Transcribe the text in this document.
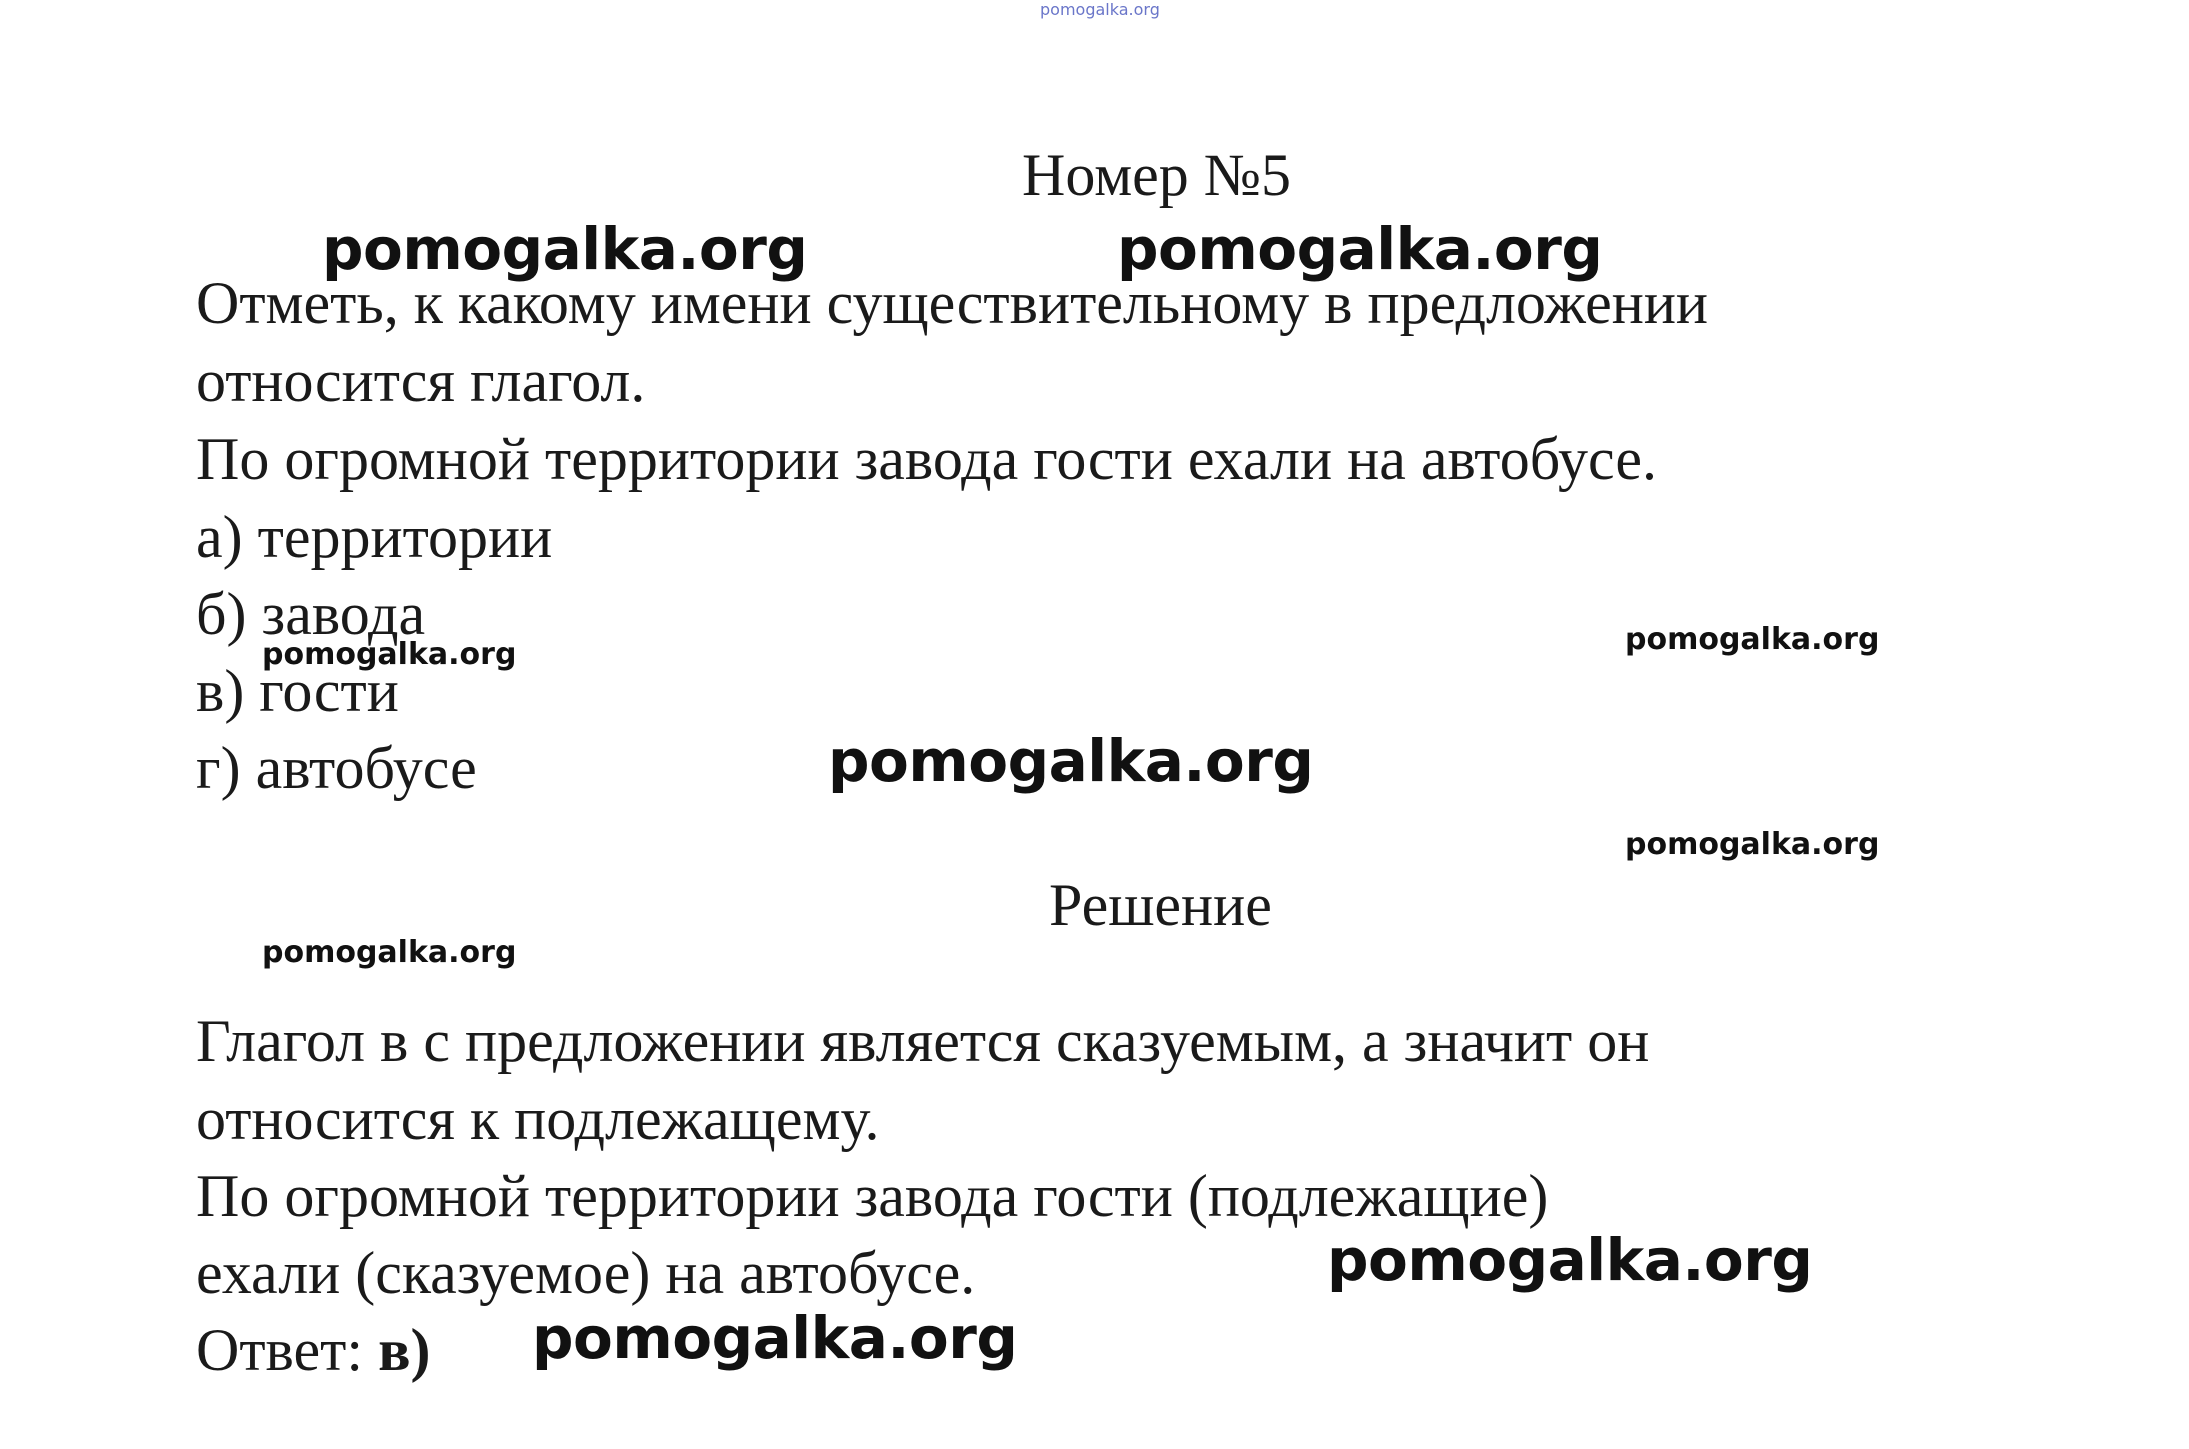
pomogalka.org
Номер №5
pomogalka.org	pomogalka.org
Отметь, к какому имени существительному в предложении
относится глагол.
По огромной территории завода гости ехали на автобусе.
а) территории
б) завода
в) гости
г) автобусе
pomogalka.org	pomogalka.org
pomogalka.org
pomogalka.org
Решение
pomogalka.org
Глагол в с предложении является сказуемым, а значит он
относится к подлежащему.
По огромной территории завода гости (подлежащие)
ехали (сказуемое) на автобусе.	pomogalka.org
Ответ: в) pomogalka.org
